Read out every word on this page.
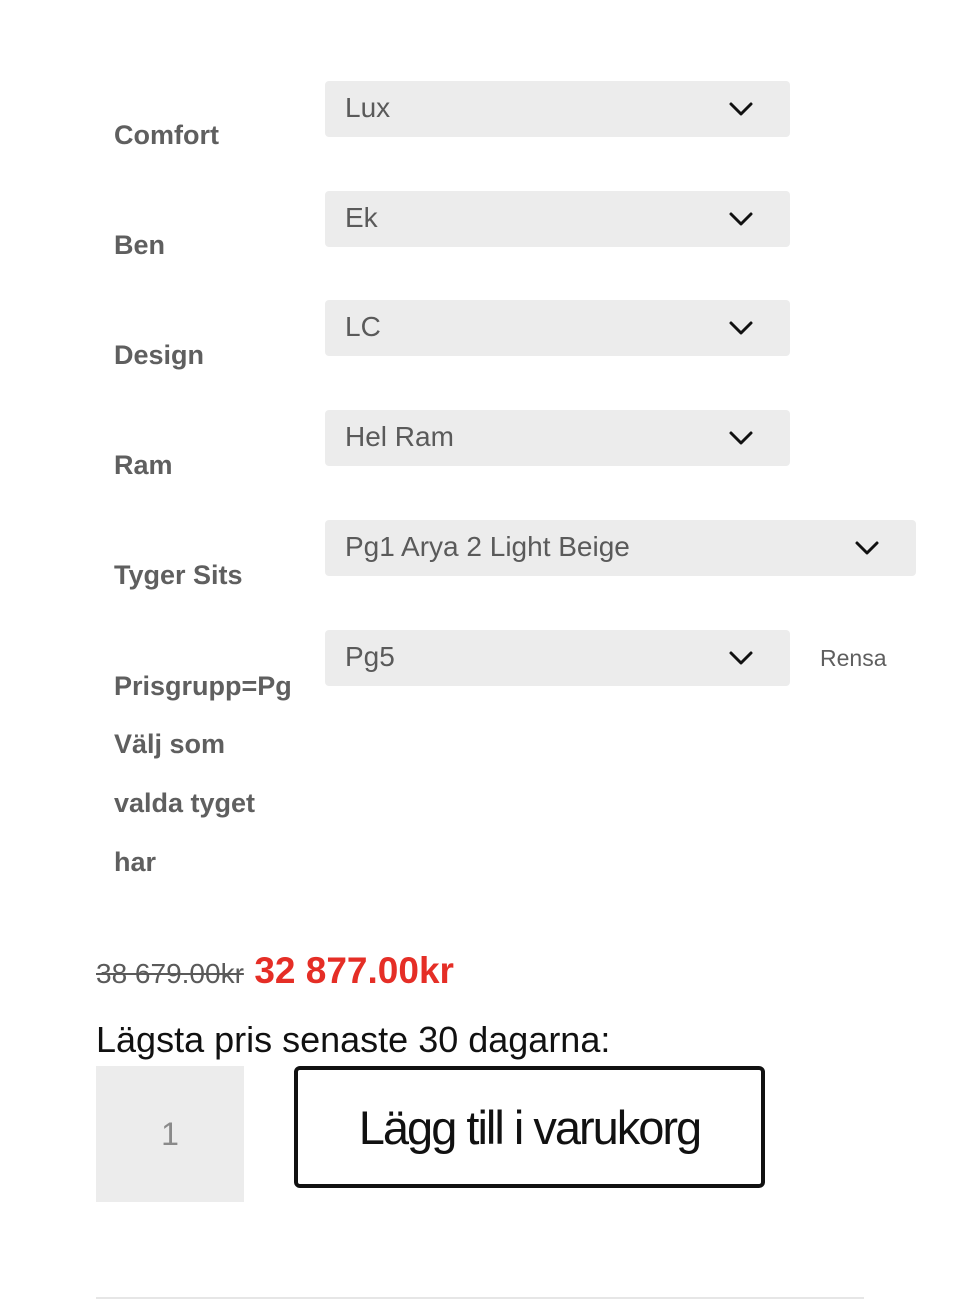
Comfort
Lux
Ben
Ek
Design
LC
Ram
Hel Ram
Tyger Sits
Pg1 Arya 2 Light Beige
Prisgrupp=Pg
Pg5	Rensa
Välj som
valda tyget
har
38 679.00kr 32 877.00kr
Lägsta pris senaste 30 dagarna:
1
Lägg till i varukorg
